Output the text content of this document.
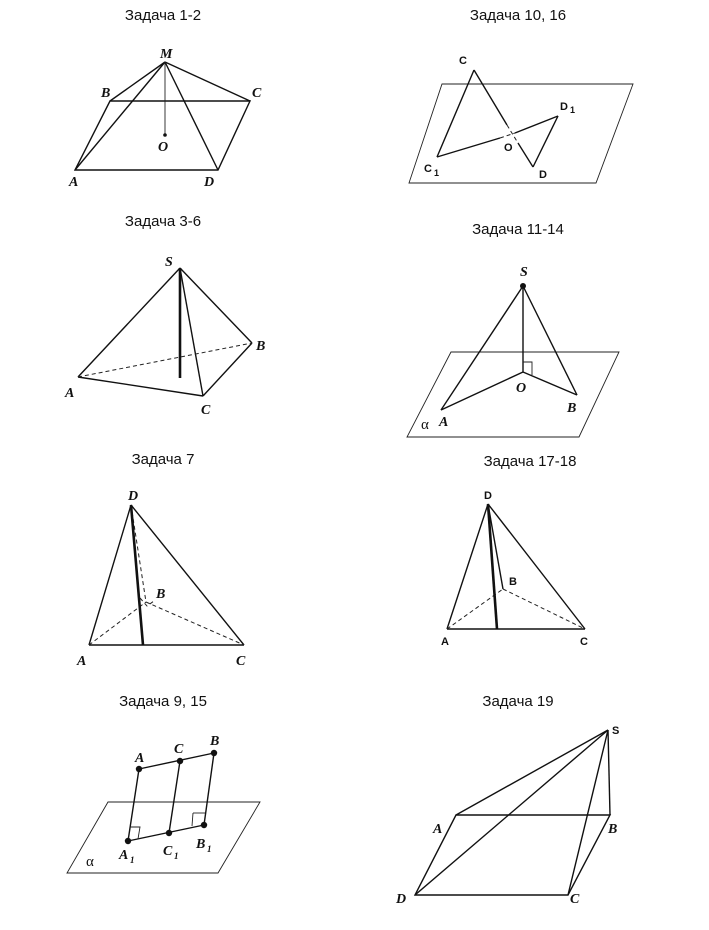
Задача 1-2	Задача 10, 16
Задача 3-6	Задача 11-14
Задача 7	Задача 17-18
Задача 9, 15	Задача 19
M
B	C
O
A	D
C
D 1
O
C 1	D
S
B
A
C
S
O
A
B
α
D
B
A	C
D
B
A	C
A
C
B
A 1
C 1
B 1
α
S
A	B
D	C
